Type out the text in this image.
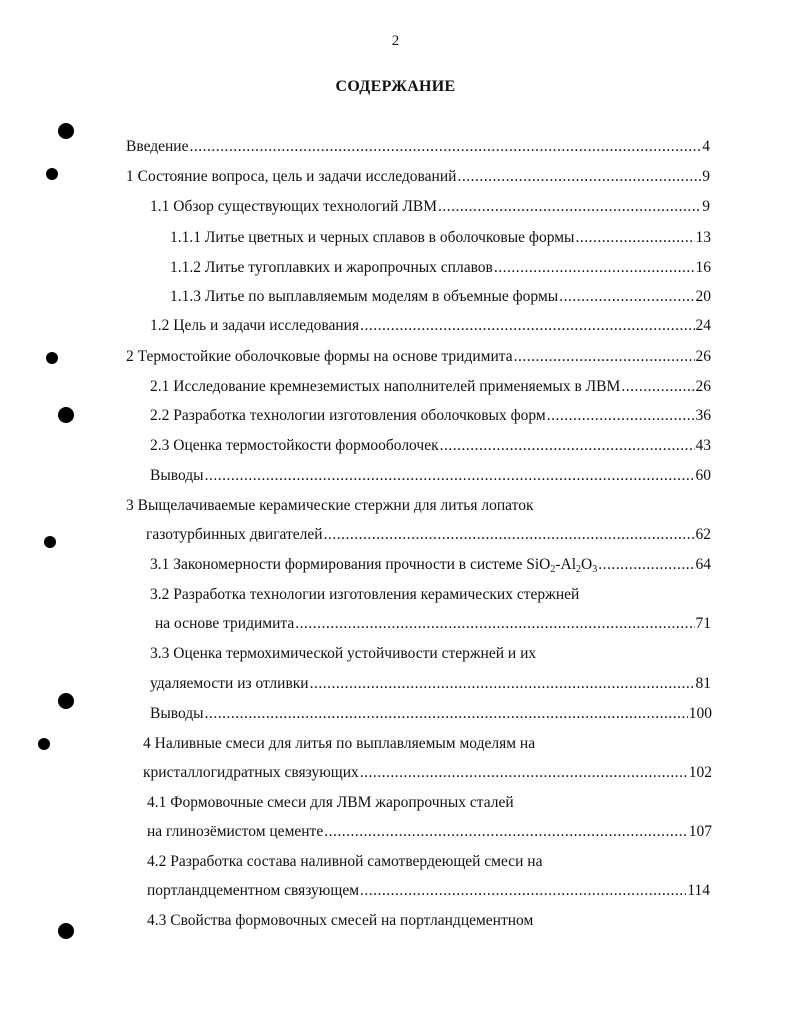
2
СОДЕРЖАНИЕ
Введение .....	4
1 Состояние вопроса, цель и задачи исследований .....	9
1.1 Обзор существующих технологий ЛВМ .....	9
1.1.1 Литье цветных и черных сплавов в оболочковые формы .....	13
1.1.2 Литье тугоплавких и жаропрочных сплавов .....	16
1.1.3 Литье по выплавляемым моделям в объемные формы .....	20
1.2 Цель и задачи исследования .....	24
2 Термостойкие оболочковые формы на основе тридимита .....	26
2.1 Исследование кремнеземистых наполнителей применяемых в ЛВМ .....	26
2.2 Разработка технологии изготовления оболочковых форм .....	36
2.3 Оценка термостойкости формооболочек .....	43
Выводы .....	60
3 Выщелачиваемые керамические стержни для литья лопаток
газотурбинных двигателей .....	62
3.1 Закономерности формирования прочности в системе $SiO_2-Al_2O_3$ .....	64
3.2 Разработка технологии изготовления керамических стержней
на основе тридимита .....	71
3.3 Оценка термохимической устойчивости стержней и их
удаляемости из отливки .....	81
Выводы .....	100
4 Наливные смеси для литья по выплавляемым моделям на
кристаллогидратных связующих .....	102
4.1 Формовочные смеси для ЛВМ жаропрочных сталей
на глинозёмистом цементе .....	107
4.2 Разработка состава наливной самотвердеющей смеси на
портландцементном связующем .....	114
4.3 Свойства формовочных смесей на портландцементном
